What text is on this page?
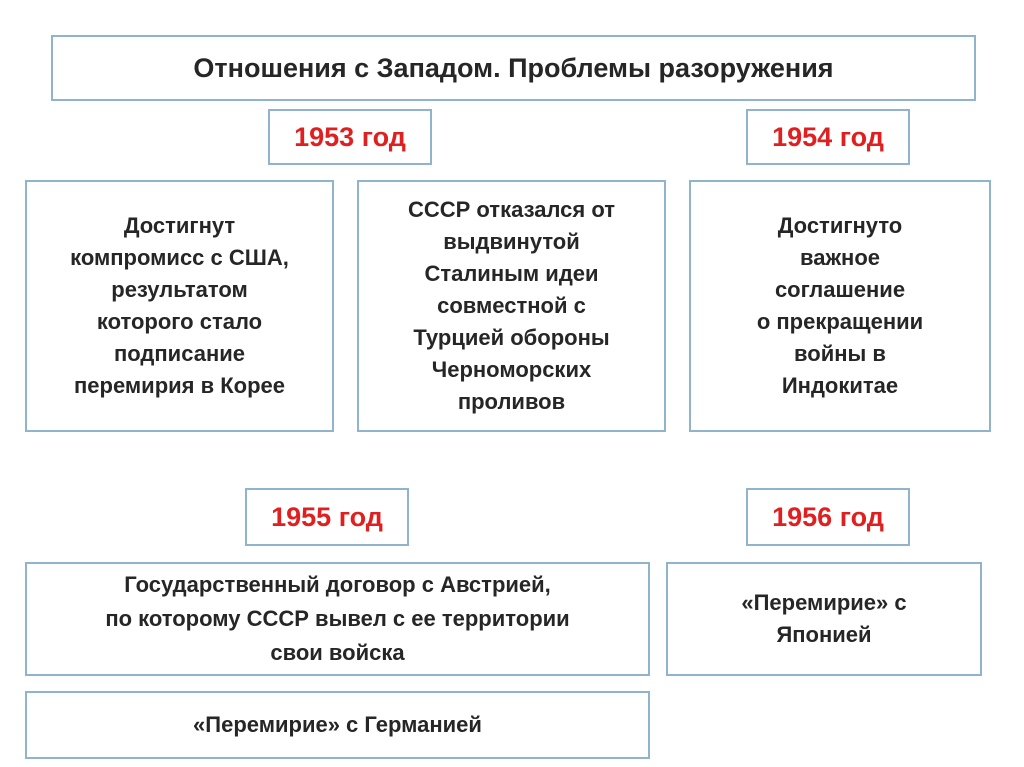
Отношения с Западом. Проблемы разоружения
1953 год	1954 год
Достигнут
компромисс с США,
результатом
которого стало
подписание
перемирия в Корее
СССР отказался от
выдвинутой
Сталиным идеи
совместной с
Турцией обороны
Черноморских
проливов
Достигнуто
важное
соглашение
о прекращении
войны в
Индокитае
1955 год	1956 год
Государственный договор с Австрией,
по которому СССР вывел с ее территории
свои войска
«Перемирие» с
Японией
«Перемирие» с Германией
